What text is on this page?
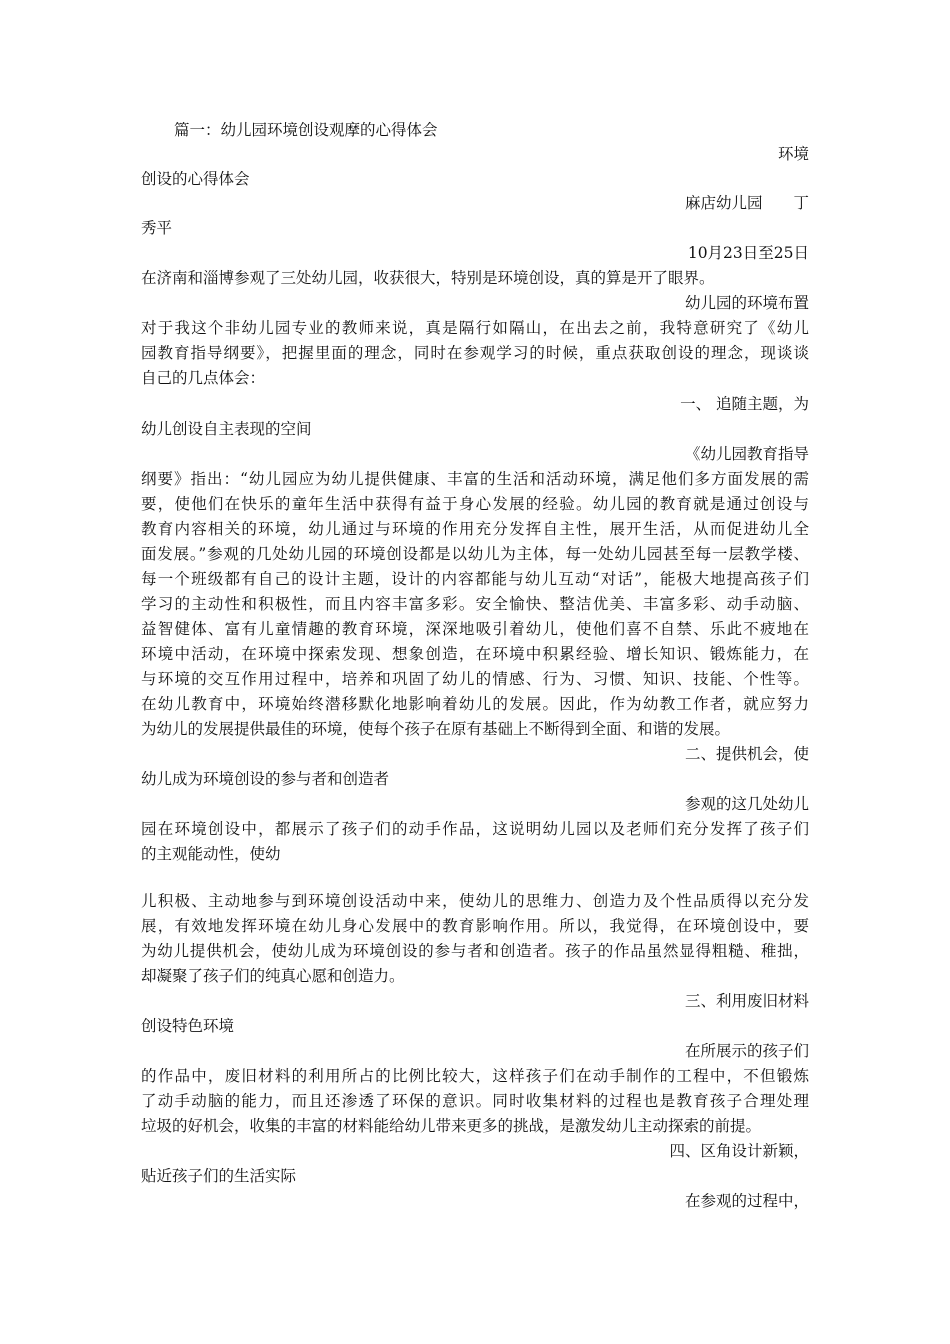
篇一：幼儿园环境创设观摩的心得体会
环境
创设的心得体会
麻店幼儿园　　丁
秀平
10月23日至25日
在济南和淄博参观了三处幼儿园，收获很大，特别是环境创设，真的算是开了眼界。
幼儿园的环境布置
对于我这个非幼儿园专业的教师来说，真是隔行如隔山，在出去之前，我特意研究了《幼儿
园教育指导纲要》，把握里面的理念，同时在参观学习的时候，重点获取创设的理念，现谈谈
自己的几点体会：
一、 追随主题，为
幼儿创设自主表现的空间
《幼儿园教育指导
纲要》指出：“幼儿园应为幼儿提供健康、丰富的生活和活动环境，满足他们多方面发展的需
要，使他们在快乐的童年生活中获得有益于身心发展的经验。幼儿园的教育就是通过创设与
教育内容相关的环境，幼儿通过与环境的作用充分发挥自主性，展开生活，从而促进幼儿全
面发展。”参观的几处幼儿园的环境创设都是以幼儿为主体，每一处幼儿园甚至每一层教学楼、
每一个班级都有自己的设计主题，设计的内容都能与幼儿互动“对话”，能极大地提高孩子们
学习的主动性和积极性，而且内容丰富多彩。安全愉快、整洁优美、丰富多彩、动手动脑、
益智健体、富有儿童情趣的教育环境，深深地吸引着幼儿，使他们喜不自禁、乐此不疲地在
环境中活动，在环境中探索发现、想象创造，在环境中积累经验、增长知识、锻炼能力，在
与环境的交互作用过程中，培养和巩固了幼儿的情感、行为、习惯、知识、技能、个性等。
在幼儿教育中，环境始终潜移默化地影响着幼儿的发展。因此，作为幼教工作者，就应努力
为幼儿的发展提供最佳的环境，使每个孩子在原有基础上不断得到全面、和谐的发展。
二、提供机会，使
幼儿成为环境创设的参与者和创造者
参观的这几处幼儿
园在环境创设中，都展示了孩子们的动手作品，这说明幼儿园以及老师们充分发挥了孩子们
的主观能动性，使幼
儿积极、主动地参与到环境创设活动中来，使幼儿的思维力、创造力及个性品质得以充分发
展，有效地发挥环境在幼儿身心发展中的教育影响作用。所以，我觉得，在环境创设中，要
为幼儿提供机会，使幼儿成为环境创设的参与者和创造者。孩子的作品虽然显得粗糙、稚拙，
却凝聚了孩子们的纯真心愿和创造力。
三、利用废旧材料
创设特色环境
在所展示的孩子们
的作品中，废旧材料的利用所占的比例比较大，这样孩子们在动手制作的工程中，不但锻炼
了动手动脑的能力，而且还渗透了环保的意识。同时收集材料的过程也是教育孩子合理处理
垃圾的好机会，收集的丰富的材料能给幼儿带来更多的挑战，是激发幼儿主动探索的前提。
四、区角设计新颖，
贴近孩子们的生活实际
在参观的过程中，
